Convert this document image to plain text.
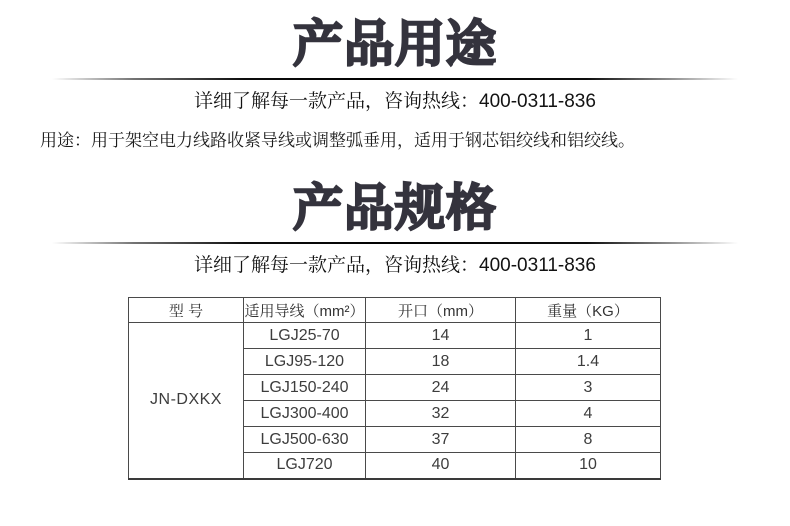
产品用途

详细了解每一款产品，咨询热线：400-0311-836

用途：用于架空电力线路收紧导线或调整弧垂用，适用于钢芯铝绞线和铝绞线。

产品规格

详细了解每一款产品，咨询热线：400-0311-836

型 号	适用导线（mm²）	开口（mm）	重量（KG）
JN-DXKX	LGJ25-70	14	1
	LGJ95-120	18	1.4
	LGJ150-240	24	3
	LGJ300-400	32	4
	LGJ500-630	37	8
	LGJ720	40	10
